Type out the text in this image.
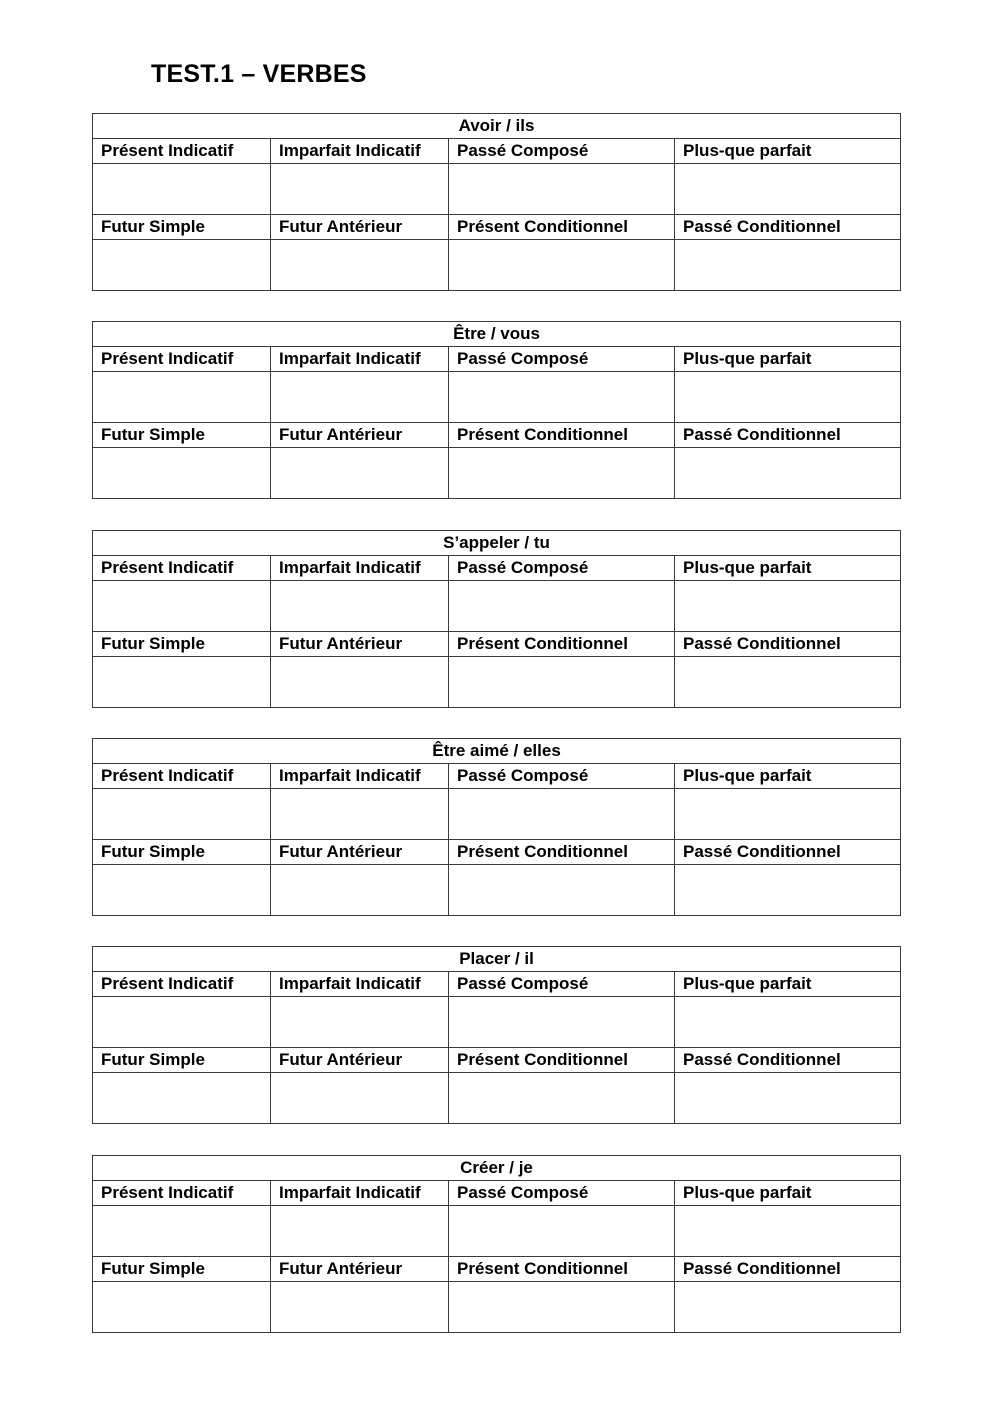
TEST.1 – VERBES
Avoir / ils			
Présent Indicatif	Imparfait Indicatif	Passé Composé	Plus-que parfait

Futur Simple	Futur Antérieur	Présent Conditionnel	Passé Conditionnel

Être / vous			
Présent Indicatif	Imparfait Indicatif	Passé Composé	Plus-que parfait

Futur Simple	Futur Antérieur	Présent Conditionnel	Passé Conditionnel

S’appeler / tu			
Présent Indicatif	Imparfait Indicatif	Passé Composé	Plus-que parfait

Futur Simple	Futur Antérieur	Présent Conditionnel	Passé Conditionnel

Être aimé / elles			
Présent Indicatif	Imparfait Indicatif	Passé Composé	Plus-que parfait

Futur Simple	Futur Antérieur	Présent Conditionnel	Passé Conditionnel

Placer / il			
Présent Indicatif	Imparfait Indicatif	Passé Composé	Plus-que parfait

Futur Simple	Futur Antérieur	Présent Conditionnel	Passé Conditionnel

Créer / je			
Présent Indicatif	Imparfait Indicatif	Passé Composé	Plus-que parfait

Futur Simple	Futur Antérieur	Présent Conditionnel	Passé Conditionnel
